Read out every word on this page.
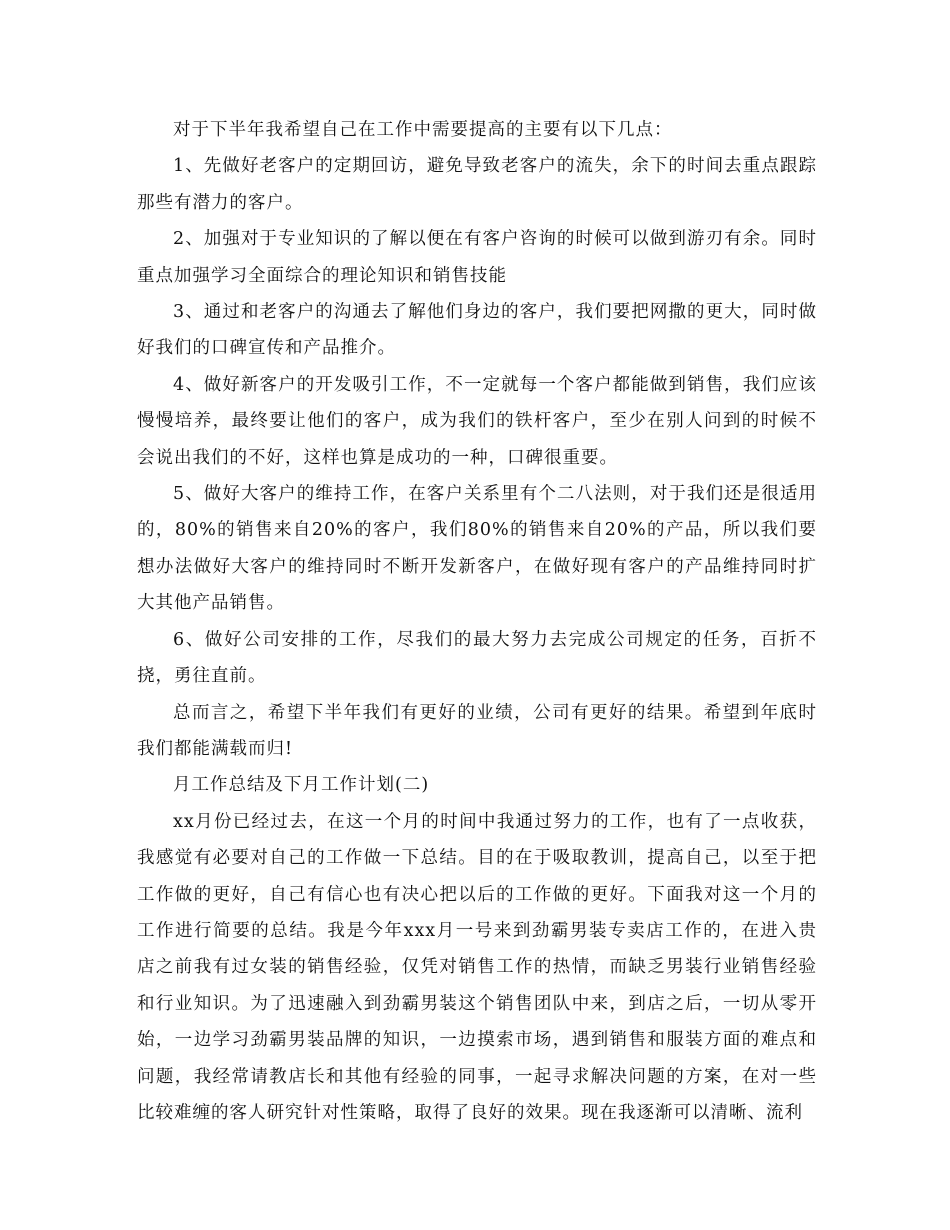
对于下半年我希望自己在工作中需要提高的主要有以下几点：

1、先做好老客户的定期回访，避免导致老客户的流失，余下的时间去重点跟踪那些有潜力的客户。

2、加强对于专业知识的了解以便在有客户咨询的时候可以做到游刃有余。同时重点加强学习全面综合的理论知识和销售技能

3、通过和老客户的沟通去了解他们身边的客户，我们要把网撒的更大，同时做好我们的口碑宣传和产品推介。

4、做好新客户的开发吸引工作，不一定就每一个客户都能做到销售，我们应该慢慢培养，最终要让他们的客户，成为我们的铁杆客户，至少在别人问到的时候不会说出我们的不好，这样也算是成功的一种，口碑很重要。

5、做好大客户的维持工作，在客户关系里有个二八法则，对于我们还是很适用的，80%的销售来自20%的客户，我们80%的销售来自20%的产品，所以我们要想办法做好大客户的维持同时不断开发新客户，在做好现有客户的产品维持同时扩大其他产品销售。

6、做好公司安排的工作，尽我们的最大努力去完成公司规定的任务，百折不挠，勇往直前。

总而言之，希望下半年我们有更好的业绩，公司有更好的结果。希望到年底时我们都能满载而归!

月工作总结及下月工作计划(二)

xx月份已经过去，在这一个月的时间中我通过努力的工作，也有了一点收获，我感觉有必要对自己的工作做一下总结。目的在于吸取教训，提高自己，以至于把工作做的更好，自己有信心也有决心把以后的工作做的更好。下面我对这一个月的工作进行简要的总结。我是今年xxx月一号来到劲霸男装专卖店工作的，在进入贵店之前我有过女装的销售经验，仅凭对销售工作的热情，而缺乏男装行业销售经验和行业知识。为了迅速融入到劲霸男装这个销售团队中来，到店之后，一切从零开始，一边学习劲霸男装品牌的知识，一边摸索市场，遇到销售和服装方面的难点和问题，我经常请教店长和其他有经验的同事，一起寻求解决问题的方案，在对一些比较难缠的客人研究针对性策略，取得了良好的效果。现在我逐渐可以清晰、流利
